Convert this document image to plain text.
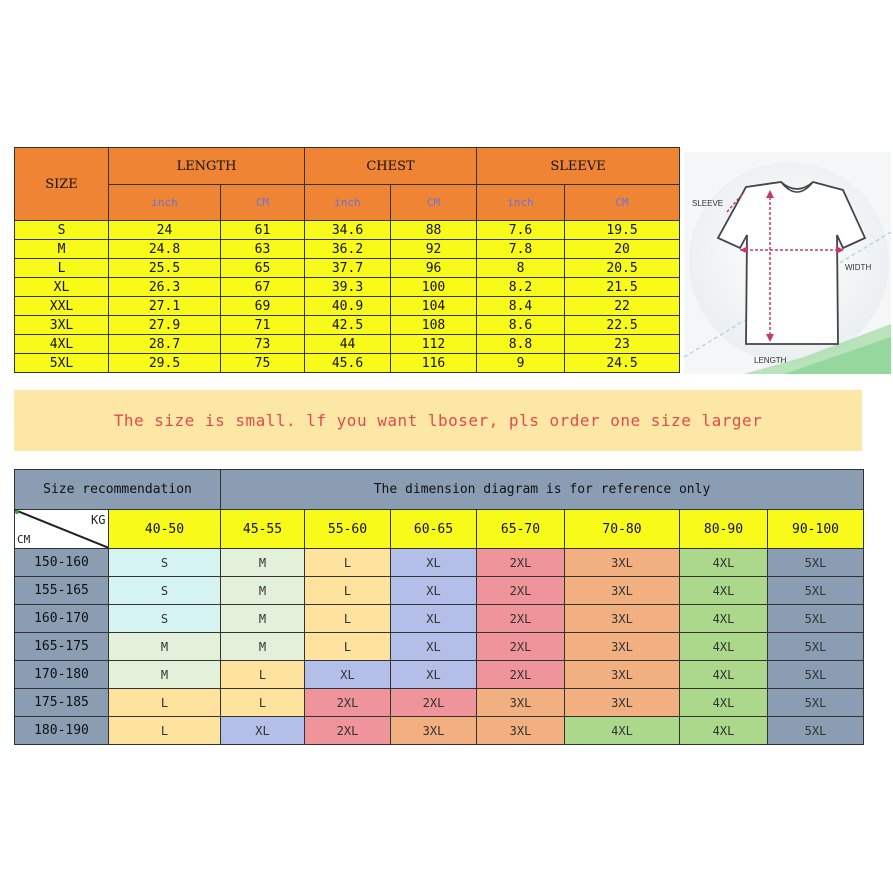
SIZE	LENGTH		CHEST		SLEEVE	
	inch	CM	inch	CM	inch	CM
S	24	61	34.6	88	7.6	19.5
M	24.8	63	36.2	92	7.8	20
L	25.5	65	37.7	96	8	20.5
XL	26.3	67	39.3	100	8.2	21.5
XXL	27.1	69	40.9	104	8.4	22
3XL	27.9	71	42.5	108	8.6	22.5
4XL	28.7	73	44	112	8.8	23
5XL	29.5	75	45.6	116	9	24.5
SLEEVE
WIDTH
LENGTH
The size is small. lf you want lboser, pls order one size larger
Size recommendation		The dimension diagram is for reference only						

KG
CM	40-50	45-55	55-60	60-65	65-70	70-80	80-90	90-100
150-160	S	M	L	XL	2XL	3XL	4XL	5XL
155-165	S	M	L	XL	2XL	3XL	4XL	5XL
160-170	S	M	L	XL	2XL	3XL	4XL	5XL
165-175	M	M	L	XL	2XL	3XL	4XL	5XL
170-180	M	L	XL	XL	2XL	3XL	4XL	5XL
175-185	L	L	2XL	2XL	3XL	3XL	4XL	5XL
180-190	L	XL	2XL	3XL	3XL	4XL	4XL	5XL
